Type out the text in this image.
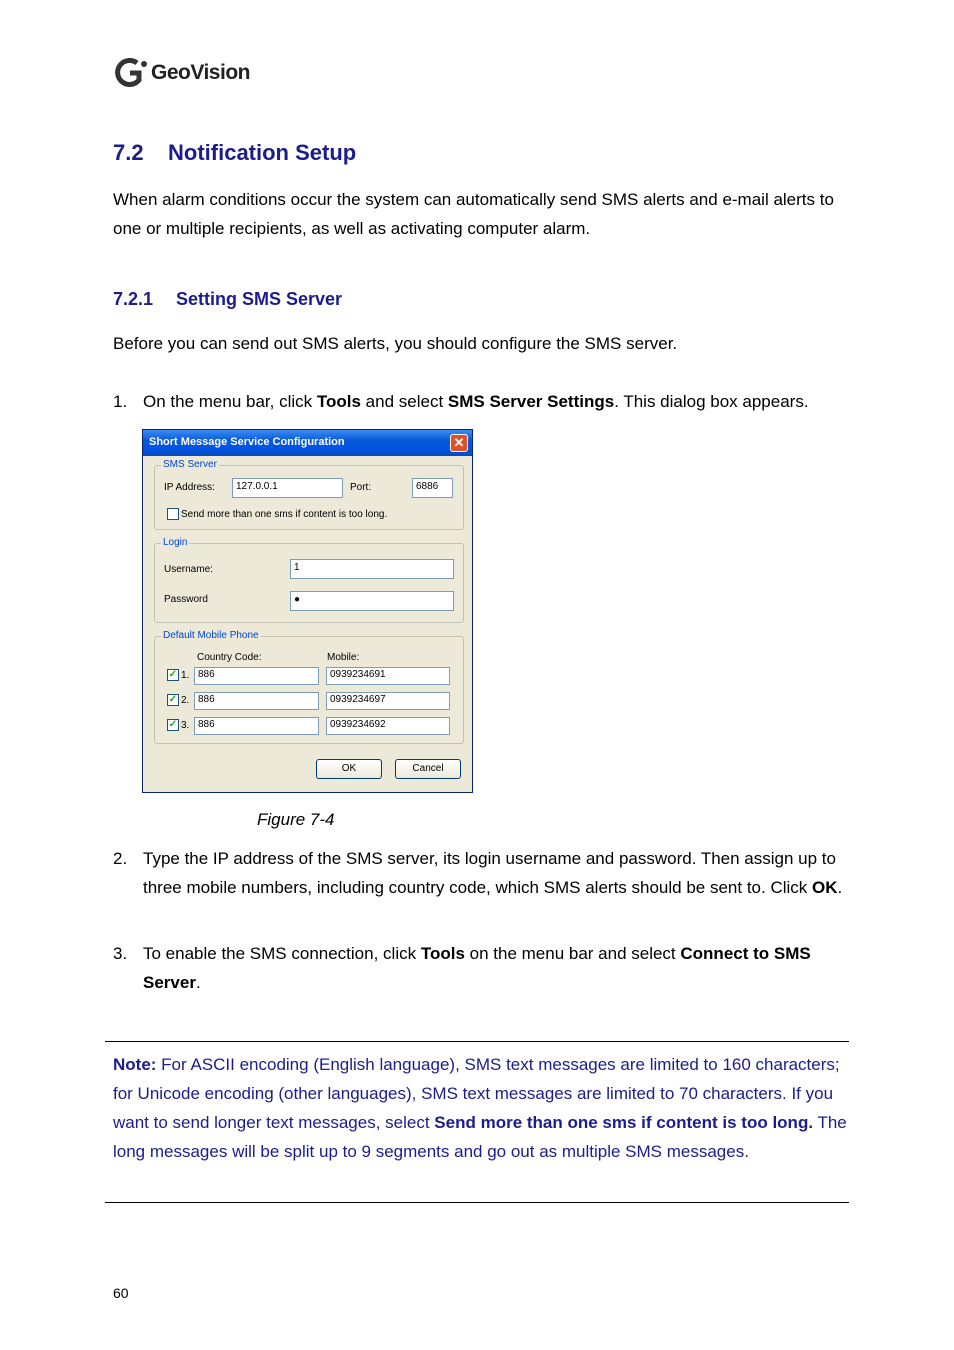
GeoVision
7.2 Notification Setup
When alarm conditions occur the system can automatically send SMS alerts and e-mail alerts to one or multiple recipients, as well as activating computer alarm.
7.2.1 Setting SMS Server
Before you can send out SMS alerts, you should configure the SMS server.
1. On the menu bar, click Tools and select SMS Server Settings. This dialog box appears.
Short Message Service Configuration	✕
SMS Server
IP Address:	127.0.0.1	Port:	6886
Send more than one sms if content is too long.
Login
Username:	1
Password	●
Default Mobile Phone
Country Code:	Mobile:
✓ 1. 886	0939234691
✓ 2. 886	0939234697
✓ 3. 886	0939234692
OK	Cancel
Figure 7-4
2. Type the IP address of the SMS server, its login username and password. Then assign up to three mobile numbers, including country code, which SMS alerts should be sent to. Click OK.
3. To enable the SMS connection, click Tools on the menu bar and select Connect to SMS Server.
Note: For ASCII encoding (English language), SMS text messages are limited to 160 characters; for Unicode encoding (other languages), SMS text messages are limited to 70 characters. If you want to send longer text messages, select Send more than one sms if content is too long. The long messages will be split up to 9 segments and go out as multiple SMS messages.
60
